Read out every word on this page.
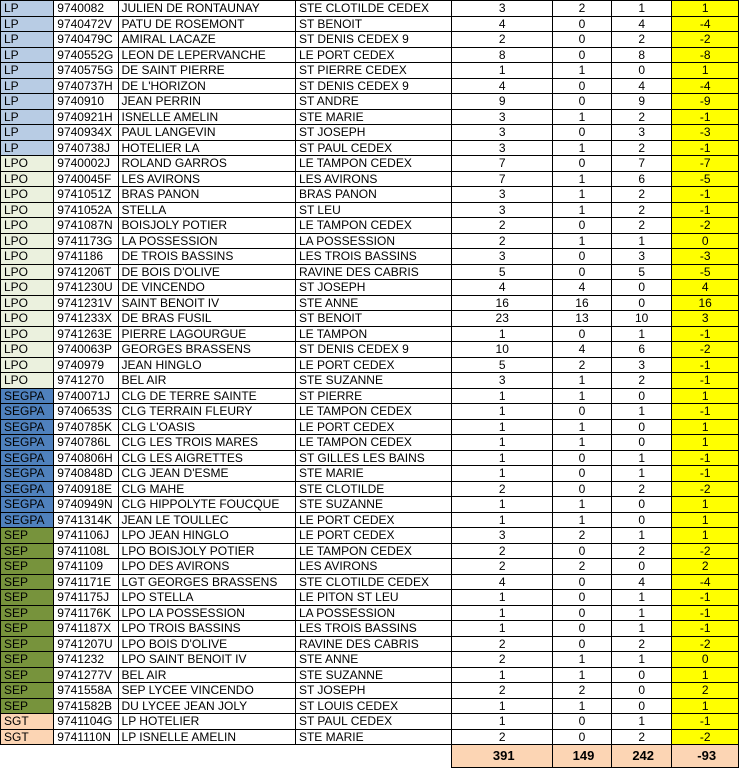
LP	9740082	JULIEN DE RONTAUNAY	STE CLOTILDE CEDEX	3	2	1	1
LP	9740472V	PATU DE ROSEMONT	ST BENOIT	4	0	4	-4
LP	9740479C	AMIRAL LACAZE	ST DENIS CEDEX 9	2	0	2	-2
LP	9740552G	LEON DE LEPERVANCHE	LE PORT CEDEX	8	0	8	-8
LP	9740575G	DE SAINT PIERRE	ST PIERRE CEDEX	1	1	0	1
LP	9740737H	DE L'HORIZON	ST DENIS CEDEX 9	4	0	4	-4
LP	9740910	JEAN PERRIN	ST ANDRE	9	0	9	-9
LP	9740921H	ISNELLE AMELIN	STE MARIE	3	1	2	-1
LP	9740934X	PAUL LANGEVIN	ST JOSEPH	3	0	3	-3
LP	9740738J	HOTELIER LA	ST PAUL CEDEX	3	1	2	-1
LPO	9740002J	ROLAND GARROS	LE TAMPON CEDEX	7	0	7	-7
LPO	9740045F	LES AVIRONS	LES AVIRONS	7	1	6	-5
LPO	9741051Z	BRAS PANON	BRAS PANON	3	1	2	-1
LPO	9741052A	STELLA	ST LEU	3	1	2	-1
LPO	9741087N	BOISJOLY POTIER	LE TAMPON CEDEX	2	0	2	-2
LPO	9741173G	LA POSSESSION	LA POSSESSION	2	1	1	0
LPO	9741186	DE TROIS BASSINS	LES TROIS BASSINS	3	0	3	-3
LPO	9741206T	DE BOIS D'OLIVE	RAVINE DES CABRIS	5	0	5	-5
LPO	9741230U	DE VINCENDO	ST JOSEPH	4	4	0	4
LPO	9741231V	SAINT BENOIT IV	STE ANNE	16	16	0	16
LPO	9741233X	DE BRAS FUSIL	ST BENOIT	23	13	10	3
LPO	9741263E	PIERRE LAGOURGUE	LE TAMPON	1	0	1	-1
LPO	9740063P	GEORGES BRASSENS	ST DENIS CEDEX 9	10	4	6	-2
LPO	9740979	JEAN HINGLO	LE PORT CEDEX	5	2	3	-1
LPO	9741270	BEL AIR	STE SUZANNE	3	1	2	-1
SEGPA	9740071J	CLG DE TERRE SAINTE	ST PIERRE	1	1	0	1
SEGPA	9740653S	CLG TERRAIN FLEURY	LE TAMPON CEDEX	1	0	1	-1
SEGPA	9740785K	CLG L'OASIS	LE PORT CEDEX	1	1	0	1
SEGPA	9740786L	CLG LES TROIS MARES	LE TAMPON CEDEX	1	1	0	1
SEGPA	9740806H	CLG LES AIGRETTES	ST GILLES LES BAINS	1	0	1	-1
SEGPA	9740848D	CLG JEAN D'ESME	STE MARIE	1	0	1	-1
SEGPA	9740918E	CLG MAHE	STE CLOTILDE	2	0	2	-2
SEGPA	9740949N	CLG HIPPOLYTE FOUCQUE	STE SUZANNE	1	1	0	1
SEGPA	9741314K	JEAN LE TOULLEC	LE PORT CEDEX	1	1	0	1
SEP	9741106J	LPO JEAN HINGLO	LE PORT CEDEX	3	2	1	1
SEP	9741108L	LPO BOISJOLY POTIER	LE TAMPON CEDEX	2	0	2	-2
SEP	9741109	LPO DES AVIRONS	LES AVIRONS	2	2	0	2
SEP	9741171E	LGT GEORGES BRASSENS	STE CLOTILDE CEDEX	4	0	4	-4
SEP	9741175J	LPO STELLA	LE PITON ST LEU	1	0	1	-1
SEP	9741176K	LPO LA POSSESSION	LA POSSESSION	1	0	1	-1
SEP	9741187X	LPO TROIS BASSINS	LES TROIS BASSINS	1	0	1	-1
SEP	9741207U	LPO BOIS D'OLIVE	RAVINE DES CABRIS	2	0	2	-2
SEP	9741232	LPO SAINT BENOIT IV	STE ANNE	2	1	1	0
SEP	9741277V	BEL AIR	STE SUZANNE	1	1	0	1
SEP	9741558A	SEP LYCEE VINCENDO	ST JOSEPH	2	2	0	2
SEP	9741582B	DU LYCEE JEAN JOLY	ST LOUIS CEDEX	1	1	0	1
SGT	9741104G	LP HOTELIER	ST PAUL CEDEX	1	0	1	-1
SGT	9741110N	LP ISNELLE AMELIN	STE MARIE	2	0	2	-2
				391	149	242	-93
